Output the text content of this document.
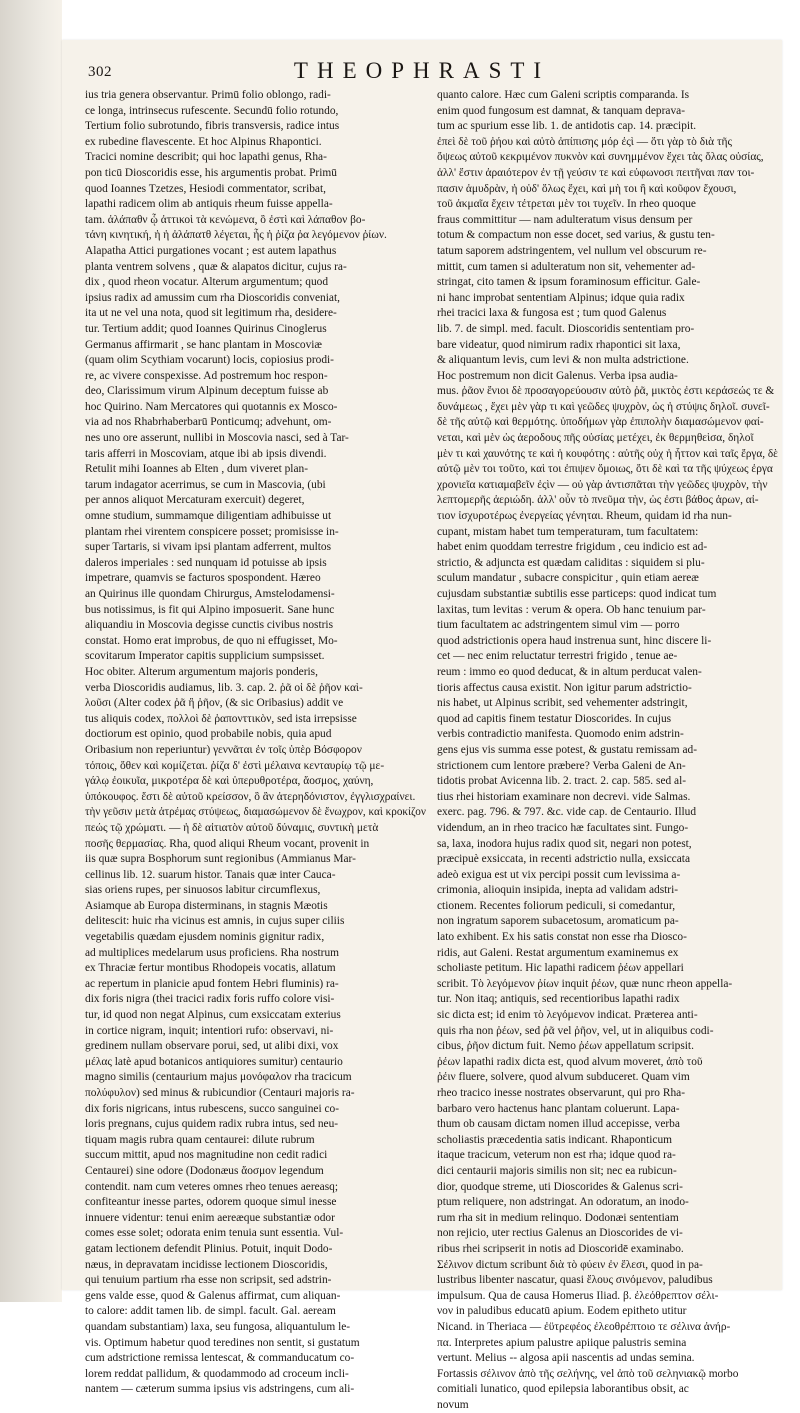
302	THEOPHRASTI
ius tria genera observantur. Primū folio oblongo, radi-
ce longa, intrinsecus rufescente. Secundū folio rotundo,
Tertium folio subrotundo, fibris transversis, radice intus
ex rubedine flavescente. Et hoc Alpinus Rhapontici.
Tracici nomine describit; qui hoc lapathi genus, Rha-
pon ticū Dioscoridis esse, his argumentis probat. Primū
quod Ioannes Tzetzes, Hesiodi commentator, scribat,
lapathi radicem olim ab antiquis rheum fuisse appella-
tam. ἀλάπαθν ᾧ ἀττικοὶ τὰ κενώμενα, ὃ ἐστὶ καὶ λάπαθον βο-
τάνη κινητική, ἡ ἡ ἀλάπατθ λέγεται, ἧς ἡ ῥίζα ῥα λεγόμενον ῥίων.
Alapatha Attici purgationes vocant ; est autem lapathus
planta ventrem solvens , quæ & alapatos dicitur, cujus ra-
dix , quod rheon vocatur. Alterum argumentum; quod
ipsius radix ad amussim cum rha Dioscoridis conveniat,
ita ut ne vel una nota, quod sit legitimum rha, desidere-
tur. Tertium addit; quod Ioannes Quirinus Cinoglerus
Germanus affirmarit , se hanc plantam in Moscoviæ
(quam olim Scythiam vocarunt) locis, copiosius prodi-
re, ac vivere conspexisse. Ad postremum hoc respon-
deo, Clarissimum virum Alpinum deceptum fuisse ab
hoc Quirino. Nam Mercatores qui quotannis ex Mosco-
via ad nos Rhabrhaberbarū Ponticumq; advehunt, om-
nes uno ore asserunt, nullibi in Moscovia nasci, sed à Tar-
taris afferri in Moscoviam, atque ibi ab ipsis divendi.
Retulit mihi Ioannes ab Elten , dum viveret plan-
tarum indagator acerrimus, se cum in Mascovia, (ubi
per annos aliquot Mercaturam exercuit) degeret,
omne studium, summamque diligentiam adhibuisse ut
plantam rhei virentem conspicere posset; promisisse in-
super Tartaris, si vivam ipsi plantam adferrent, multos
daleros imperiales : sed nunquam id potuisse ab ipsis
impetrare, quamvis se facturos spospondent. Hæreo
an Quirinus ille quondam Chirurgus, Amstelodamensi-
bus notissimus, is fit qui Alpino imposuerit. Sane hunc
aliquandiu in Moscovia degisse cunctis civibus nostris
constat. Homo erat improbus, de quo ni effugisset, Mo-
scovitarum Imperator capitis supplicium sumpsisset.
Hoc obiter. Alterum argumentum majoris ponderis,
verba Dioscoridis audiamus, lib. 3. cap. 2. ῥᾶ οἱ δὲ ῥῆον καὶ-
λοῦσι (Alter codex ῥᾶ ἢ ῥῆον, (& sic Oribasius) addit ve
tus aliquis codex, πολλοὶ δὲ ῥαπονττικὸν, sed ista irrepsisse
doctiorum est opinio, quod probabile nobis, quia apud
Oribasium non reperiuntur) γεννᾶται ἐν τοῖς ὑπὲρ Βόσφορον
τόποις, ὅθεν καὶ κομίζεται. ῥίζα δ' ἐστὶ μέλαινα κενταυρίῳ τῷ με-
γάλῳ ἐοικυῖα, μικροτέρα δὲ καὶ ὑπερυθροτέρα, ἄοσμος, χαύνη,
ὑπόκουφος. ἔστι δὲ αὐτοῦ κρείσσον, ὃ ἂν ἀτερηδόνιστον, ἐγγλισχραίνει.
τὴν γεῦσιν μετὰ ἀτρέμας στύψεως, διαμασώμενον δὲ ἔνωχρον, καὶ κροκίζον
πεώς τῷ χρώματι. — ἡ δὲ αἰτιατὸν αὐτοῦ δύναμις, συντικὴ μετὰ
ποσῆς θερμασίας. Rha, quod aliqui Rheum vocant, provenit in
iis quæ supra Bosphorum sunt regionibus (Ammianus Mar-
cellinus lib. 12. suarum histor. Tanais quæ inter Cauca-
sias oriens rupes, per sinuosos labitur circumflexus,
Asiamque ab Europa disterminans, in stagnis Mæotis
delitescit: huic rha vicinus est amnis, in cujus super ciliis
vegetabilis quædam ejusdem nominis gignitur radix,
ad multiplices medelarum usus proficiens. Rha nostrum
ex Thraciæ fertur montibus Rhodopeis vocatis, allatum
ac repertum in planicie apud fontem Hebri fluminis) ra-
dix foris nigra (thei tracici radix foris ruffo colore visi-
tur, id quod non negat Alpinus, cum exsiccatam exterius
in cortice nigram, inquit; intentiori rufo: observavi, ni-
gredinem nullam observare porui, sed, ut alibi dixi, vox
μέλας latè apud botanicos antiquiores sumitur) centaurio
magno similis (centaurium majus μονόφαλον rha tracicum
πολύφυλον) sed minus & rubicundior (Centauri majoris ra-
dix foris nigricans, intus rubescens, succo sanguinei co-
loris pregnans, cujus quidem radix rubra intus, sed neu-
tiquam magis rubra quam centaurei: dilute rubrum
succum mittit, apud nos magnitudine non cedit radici
Centaurei) sine odore (Dodonæus ἄοσμον legendum
contendit. nam cum veteres omnes rheo tenues aereasq;
confiteantur inesse partes, odorem quoque simul inesse
innuere videntur: tenui enim aereæque substantiæ odor
comes esse solet; odorata enim tenuia sunt essentia. Vul-
gatam lectionem defendit Plinius. Potuit, inquit Dodo-
næus, in depravatam incidisse lectionem Dioscoridis,
qui tenuium partium rha esse non scripsit, sed adstrin-
gens valde esse, quod & Galenus affirmat, cum aliquan-
to calore: addit tamen lib. de simpl. facult. Gal. aeream
quandam substantiam) laxa, seu fungosa, aliquantulum le-
vis. Optimum habetur quod teredines non sentit, si gustatum
cum adstrictione remissa lentescat, & commanducatum co-
lorem reddat pallidum, & quodammodo ad croceum incli-
nantem — cæterum summa ipsius vis adstringens, cum ali-
quanto calore. Hæc cum Galeni scriptis comparanda. Is
enim quod fungosum est damnat, & tanquam deprava-
tum ac spurium esse lib. 1. de antidotis cap. 14. præcipit.
ἐπεὶ δὲ τοῦ ῥήου καὶ αὐτὸ ἀπίπισης μόρ ἐςὶ — ὅτι γὰρ τὸ διὰ τῆς
ὄψεως αὐτοῦ κεκριμένον πυκνὸν καὶ συνημμένον ἔχει τὰς ὅλας οὐσίας,
ἀλλ' ἔστιν ἀραιότερον ἐν τῇ γεύσιν τε καὶ εὐφωνοσι πειτῆναι παν τοι-
πασιν ἀμυδρὰν, ἡ οὐδ' ὅλως ἔχει, καὶ μὴ τοι ἢ καὶ κοῦφον ἔχουσι,
τοῦ ἀκμαῖα ἔχειν τέτρεται μὲν τοι τυχεῖν. In rheo quoque
fraus committitur — nam adulteratum visus densum per
totum & compactum non esse docet, sed varius, & gustu ten-
tatum saporem adstringentem, vel nullum vel obscurum re-
mittit, cum tamen si adulteratum non sit, vehementer ad-
stringat, cito tamen & ipsum foraminosum efficitur. Gale-
ni hanc improbat sententiam Alpinus; idque quia radix
rhei tracici laxa & fungosa est ; tum quod Galenus
lib. 7. de simpl. med. facult. Dioscoridis sententiam pro-
bare videatur, quod nimirum radix rhapontici sit laxa,
& aliquantum levis, cum levi & non multa adstrictione.
Hoc postremum non dicit Galenus. Verba ipsa audia-
mus. ῥᾶον ἔνιοι δὲ προσαγορεύουσιν αὐτὸ ῥᾶ, μικτὸς ἐστι κεράσεώς τε &
δυνάμεως , ἔχει μὲν γὰρ τι καὶ γεῶδες ψυχρὸν, ὡς ἡ στύψις δηλοῖ. συνεῖ-
δὲ τῆς αὐτῷ καὶ θερμότης. ὑποδήμων γὰρ ἐπιπολὴν διαμασώμενον φαί-
νεται, καὶ μὲν ὡς ἀεροδους πῆς οὐσίας μετέχει, ἐκ θερμηθεὶσα, δηλοῖ
μὲν τι καὶ χαυνότης τε καὶ ἡ κουφότης : αὐτῆς οὐχ ἡ ἧττον καὶ ταῖς ἔργα, δὲ
αὐτῷ μὲν τοι τοῦτο, καὶ τοι ἐπιψεν ὅμοιως, ὅτι δὲ καὶ τα τῆς ψύχεως ἐργα
χρονιεῖα κατιαμαβεῖν ἐςὶν — οὐ γὰρ ἀντισπᾶται τὴν γεῶδες ψυχρὸν, τὴν
λεπτομερῆς ἀεριώδη. ἀλλ' οὖν τὸ πνεῦμα τὴν, ὡς ἐστι βάθος ἀρων, αἰ-
τιον ἰσχυροτέρως ἐνεργείας γένηται. Rheum, quidam id rha nun-
cupant, mistam habet tum temperaturam, tum facultatem:
habet enim quoddam terrestre frigidum , ceu indicio est ad-
strictio, & adjuncta est quædam caliditas : siquidem si plu-
sculum mandatur , subacre conspicitur , quin etiam aereæ
cujusdam substantiæ subtilis esse particeps: quod indicat tum
laxitas, tum levitas : verum & opera. Ob hanc tenuium par-
tium facultatem ac adstringentem simul vim — porro
quod adstrictionis opera haud instrenua sunt, hinc discere li-
cet — nec enim reluctatur terrestri frigido , tenue ae-
reum : immo eo quod deducat, & in altum perducat valen-
tioris affectus causa existit. Non igitur parum adstrictio-
nis habet, ut Alpinus scribit, sed vehementer adstringit,
quod ad capitis finem testatur Dioscorides. In cujus
verbis contradictio manifesta. Quomodo enim adstrin-
gens ejus vis summa esse potest, & gustatu remissam ad-
strictionem cum lentore præbere? Verba Galeni de An-
tidotis probat Avicenna lib. 2. tract. 2. cap. 585. sed al-
tius rhei historiam examinare non decrevi. vide Salmas.
exerc. pag. 796. & 797. &c. vide cap. de Centaurio. Illud
videndum, an in rheo tracico hæ facultates sint. Fungo-
sa, laxa, inodora hujus radix quod sit, negari non potest,
præcipuè exsiccata, in recenti adstrictio nulla, exsiccata
adeò exigua est ut vix percipi possit cum levissima a-
crimonia, alioquin insipida, inepta ad validam adstri-
ctionem. Recentes foliorum pediculi, si comedantur,
non ingratum saporem subacetosum, aromaticum pa-
lato exhibent. Ex his satis constat non esse rha Diosco-
ridis, aut Galeni. Restat argumentum examinemus ex
scholiaste petitum. Hic lapathi radicem ῥέων appellari
scribit. Τὸ λεγόμενον ῥίων inquit ῥέων, quæ nunc rheon appella-
tur. Non itaq; antiquis, sed recentioribus lapathi radix
sic dicta est; id enim τὸ λεγόμενον indicat. Præterea anti-
quis rha non ῥέων, sed ῥᾶ vel ῥῆον, vel, ut in aliquibus codi-
cibus, ῥῆον dictum fuit. Nemo ῥέων appellatum scripsit.
ῥέων lapathi radix dicta est, quod alvum moveret, ἀπὸ τοῦ
ῥέιν fluere, solvere, quod alvum subduceret. Quam vim
rheo tracico inesse nostrates observarunt, qui pro Rha-
barbaro vero hactenus hanc plantam coluerunt. Lapa-
thum ob causam dictam nomen illud accepisse, verba
scholiastis præcedentia satis indicant. Rhaponticum
itaque tracicum, veterum non est rha; idque quod ra-
dici centaurii majoris similis non sit; nec ea rubicun-
dior, quodque streme, uti Dioscorides & Galenus scri-
ptum reliquere, non adstringat. An odoratum, an inodo-
rum rha sit in medium relinquo. Dodonæi sententiam
non rejicio, uter rectius Galenus an Dioscorides de vi-
ribus rhei scripserit in notis ad Dioscoridē examinabo.
Σέλινον dictum scribunt διὰ τὸ φύειν ἐν ἕλεσι, quod in pa-
lustribus libenter nascatur, quasi ἕλους σινόμενον, paludibus
impulsum. Qua de causa Homerus Iliad. β. ἐλεόθρεπτον σέλι-
νον in paludibus educatū apium. Eodem epitheto utitur
Nicand. in Theriaca — ἐϋτρεφέος ἐλεοθρέπτοιο τε σέλινα ἀνήρ-
πα. Interpretes apium palustre apiique palustris semina
vertunt. Melius -- algosa apii nascentis ad undas semina.
Fortassis σέλινον ἀπὸ τῆς σελήνης, vel ἀπὸ τοῦ σεληνιακῷ morbo
comitiali lunatico, quod epilepsia laborantibus obsit, ac
novum
